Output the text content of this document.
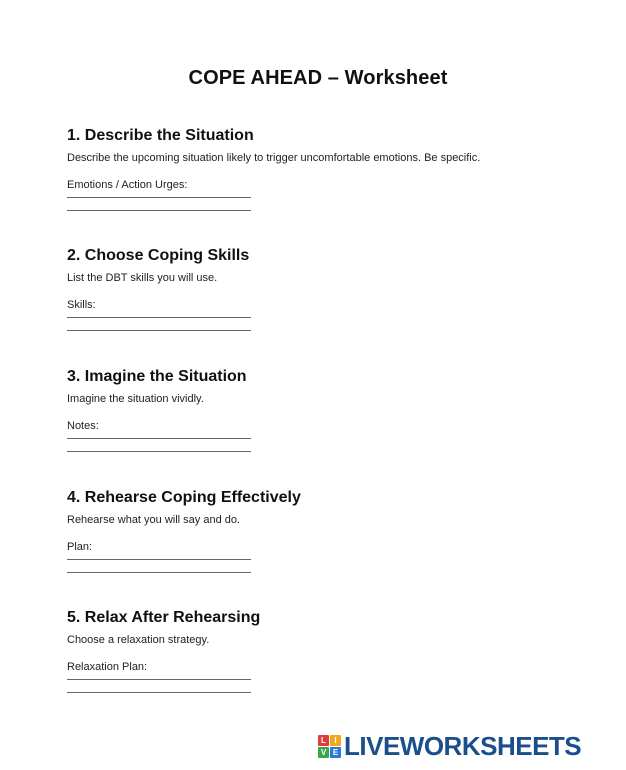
COPE AHEAD – Worksheet
1. Describe the Situation
Describe the upcoming situation likely to trigger uncomfortable emotions. Be specific.
Emotions / Action Urges:
2. Choose Coping Skills
List the DBT skills you will use.
Skills:
3. Imagine the Situation
Imagine the situation vividly.
Notes:
4. Rehearse Coping Effectively
Rehearse what you will say and do.
Plan:
5. Relax After Rehearsing
Choose a relaxation strategy.
Relaxation Plan:
L	I
V E LIVEWORKSHEETS
